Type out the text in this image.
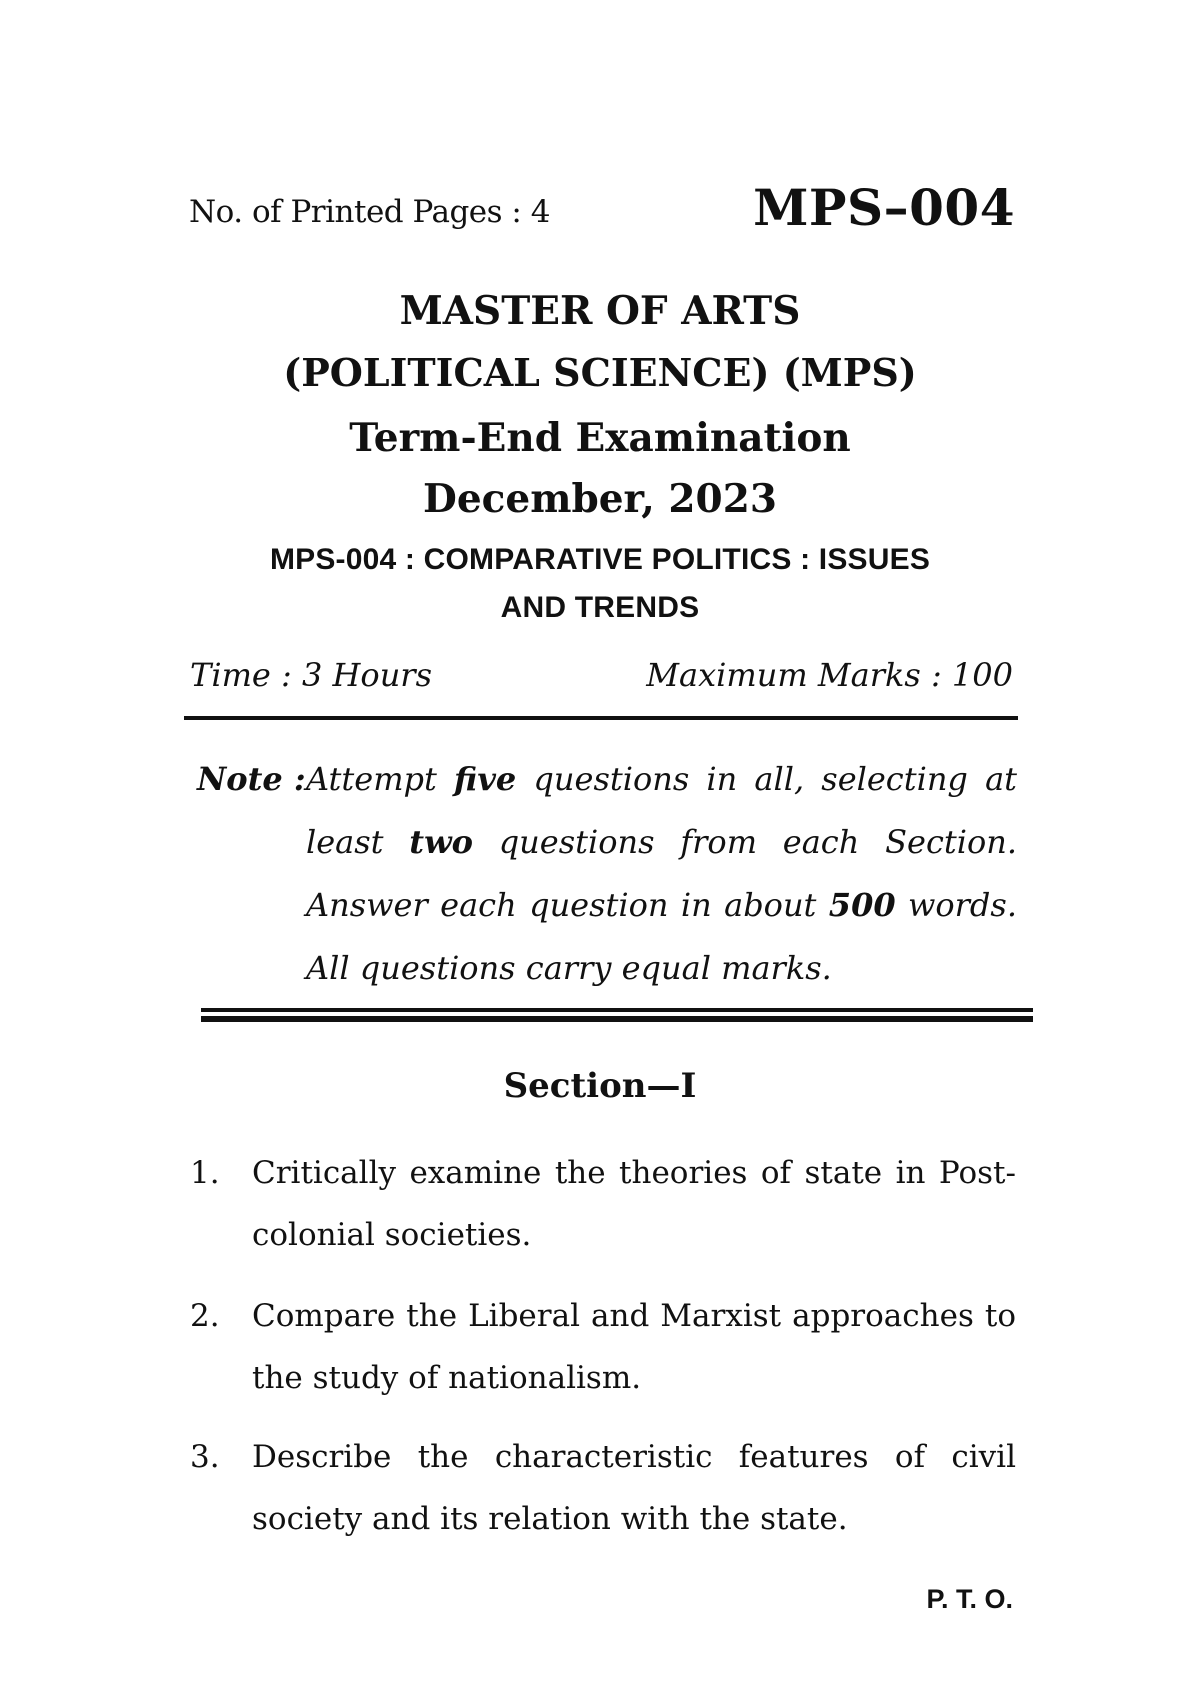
No. of Printed Pages : 4	MPS–004
MASTER OF ARTS
(POLITICAL SCIENCE) (MPS)
Term-End Examination
December, 2023
MPS-004 : COMPARATIVE POLITICS : ISSUES
AND TRENDS
Time : 3 Hours	Maximum Marks : 100
Note : Attempt five questions in all, selecting at least two questions from each Section. Answer each question in about 500 words. All questions carry equal marks.
Section—I
1. Critically examine the theories of state in Post-colonial societies.
2. Compare the Liberal and Marxist approaches to the study of nationalism.
3. Describe the characteristic features of civil society and its relation with the state.
P. T. O.
